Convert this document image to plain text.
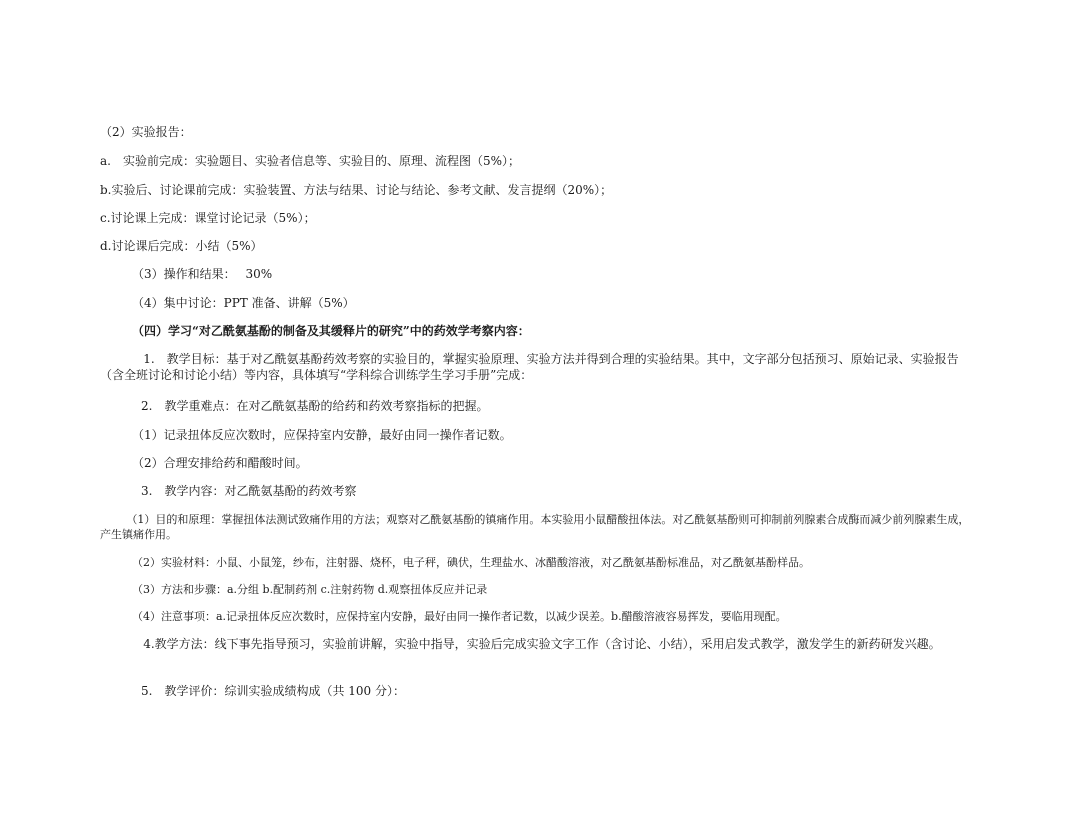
（2）实验报告：
a.　实验前完成：实验题目、实验者信息等、实验目的、原理、流程图（5%）；
b.实验后、讨论课前完成：实验装置、方法与结果、讨论与结论、参考文献、发言提纲（20%）；
c.讨论课上完成：课堂讨论记录（5%）；
d.讨论课后完成：小结（5%）
（3）操作和结果：　 30%
（4）集中讨论：PPT 准备、讲解（5%）
（四）学习“对乙酰氨基酚的制备及其缓释片的研究”中的药效学考察内容：
1.　教学目标：基于对乙酰氨基酚药效考察的实验目的，掌握实验原理、实验方法并得到合理的实验结果。其中，文字部分包括预习、原始记录、实验报告（含全班讨论和讨论小结）等内容，具体填写“学科综合训练学生学习手册”完成：
2.　教学重难点：在对乙酰氨基酚的给药和药效考察指标的把握。
（1）记录扭体反应次数时，应保持室内安静，最好由同一操作者记数。
（2）合理安排给药和醋酸时间。
3.　教学内容：对乙酰氨基酚的药效考察
（1）目的和原理：掌握扭体法测试致痛作用的方法；观察对乙酰氨基酚的镇痛作用。本实验用小鼠醋酸扭体法。对乙酰氨基酚则可抑制前列腺素合成酶而减少前列腺素生成，产生镇痛作用。
（2）实验材料：小鼠、小鼠笼，纱布，注射器、烧杯，电子秤，碘伏，生理盐水、冰醋酸溶液，对乙酰氨基酚标准品，对乙酰氨基酚样品。
（3）方法和步骤：a.分组 b.配制药剂 c.注射药物 d.观察扭体反应并记录
（4）注意事项：a.记录扭体反应次数时，应保持室内安静，最好由同一操作者记数，以减少误差。b.醋酸溶液容易挥发，要临用现配。
4.教学方法：线下事先指导预习，实验前讲解，实验中指导，实验后完成实验文字工作（含讨论、小结），采用启发式教学，激发学生的新药研发兴趣。
5.　教学评价：综训实验成绩构成（共 100 分）：
